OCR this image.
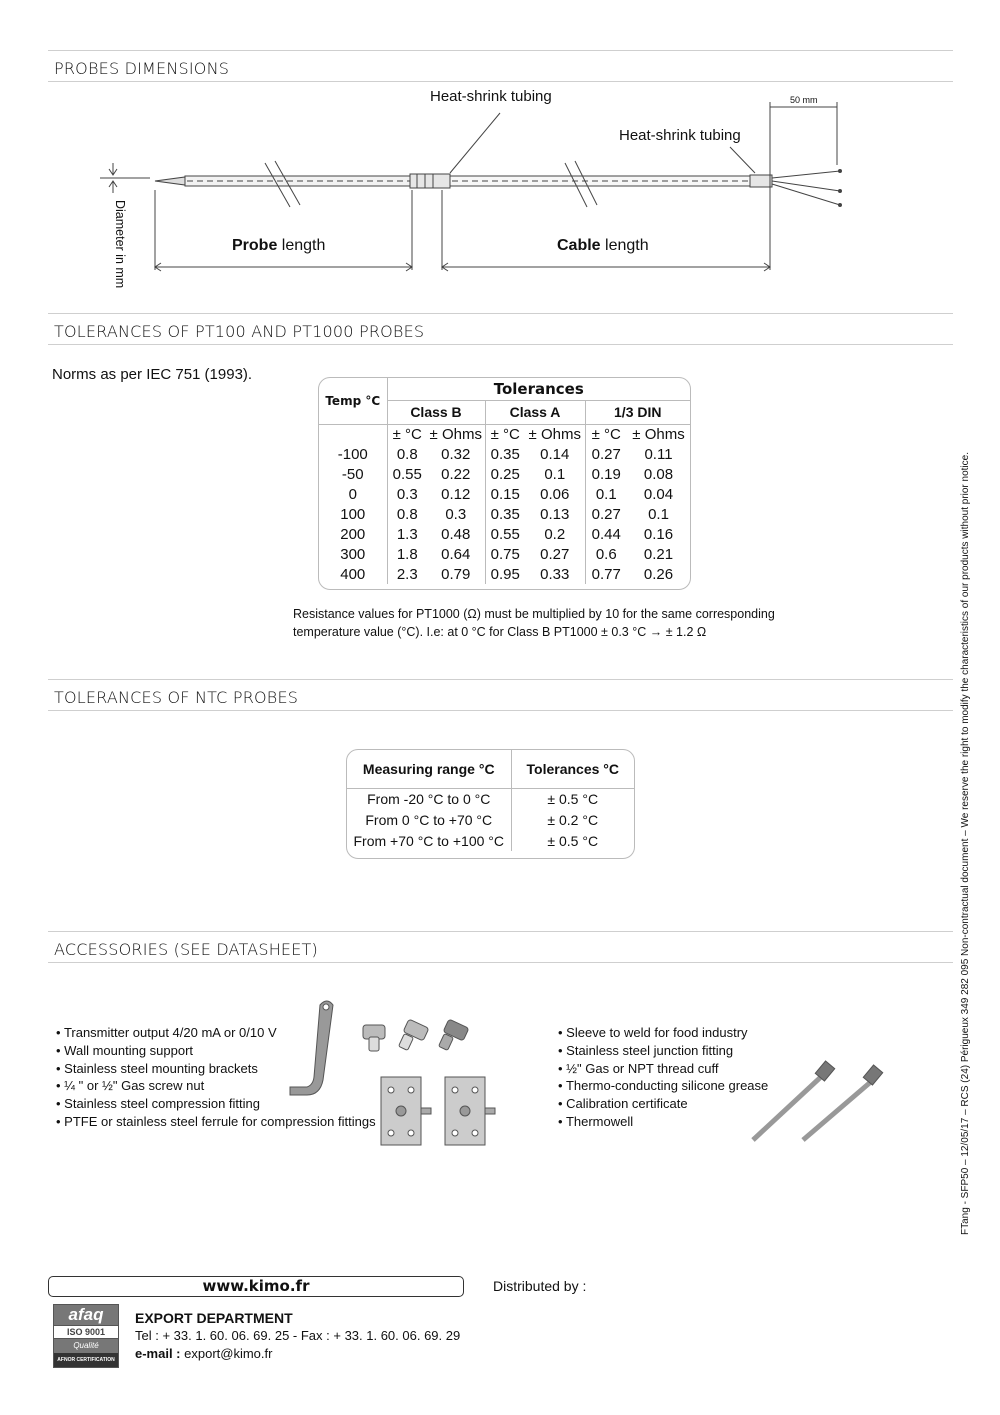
PROBES DIMENSIONS
Heat-shrink tubing
Heat-shrink tubing
50 mm
Diameter in mm	Probe length	Cable length
TOLERANCES OF PT100 AND PT1000 PROBES
Norms as per IEC 751 (1993).
Temp °C	Tolerances					
	Class B		Class A		1/3 DIN	
	± °C	± Ohms	± °C	± Ohms	± °C	± Ohms
-100	0.8	0.32	0.35	0.14	0.27	0.11
-50	0.55	0.22	0.25	0.1	0.19	0.08
0	0.3	0.12	0.15	0.06	0.1	0.04
100	0.8	0.3	0.35	0.13	0.27	0.1
200	1.3	0.48	0.55	0.2	0.44	0.16
300	1.8	0.64	0.75	0.27	0.6	0.21
400	2.3	0.79	0.95	0.33	0.77	0.26
Resistance values for PT1000 (Ω) must be multiplied by 10 for the same corresponding
temperature value (°C). I.e: at 0 °C for Class B PT1000 ± 0.3 °C → ± 1.2 Ω
TOLERANCES OF NTC PROBES
Measuring range °C	Tolerances °C
From -20 °C to 0 °C	± 0.5 °C
From 0 °C to +70 °C	± 0.2 °C
From +70 °C to +100 °C	± 0.5 °C
ACCESSORIES (SEE DATASHEET)
• Transmitter output 4/20 mA or 0/10 V
• Wall mounting support
• Stainless steel mounting brackets
• ¼ " or ½" Gas screw nut
• Stainless steel compression fitting
• PTFE or stainless steel ferrule for compression fittings
• Sleeve to weld for food industry
• Stainless steel junction fitting
• ½" Gas or NPT thread cuff
• Thermo-conducting silicone grease
• Calibration certificate
• Thermowell
www.kimo.fr	Distributed by :
afaq
ISO 9001
Qualité
AFNOR CERTIFICATION
EXPORT DEPARTMENT
Tel : + 33. 1. 60. 06. 69. 25 - Fax : + 33. 1. 60. 06. 69. 29
e-mail : export@kimo.fr
FTang - SFP50 – 12/05/17 – RCS (24) Périgueux 349 282 095 Non-contractual document – We reserve the right to modify the characteristics of our products without prior notice.
